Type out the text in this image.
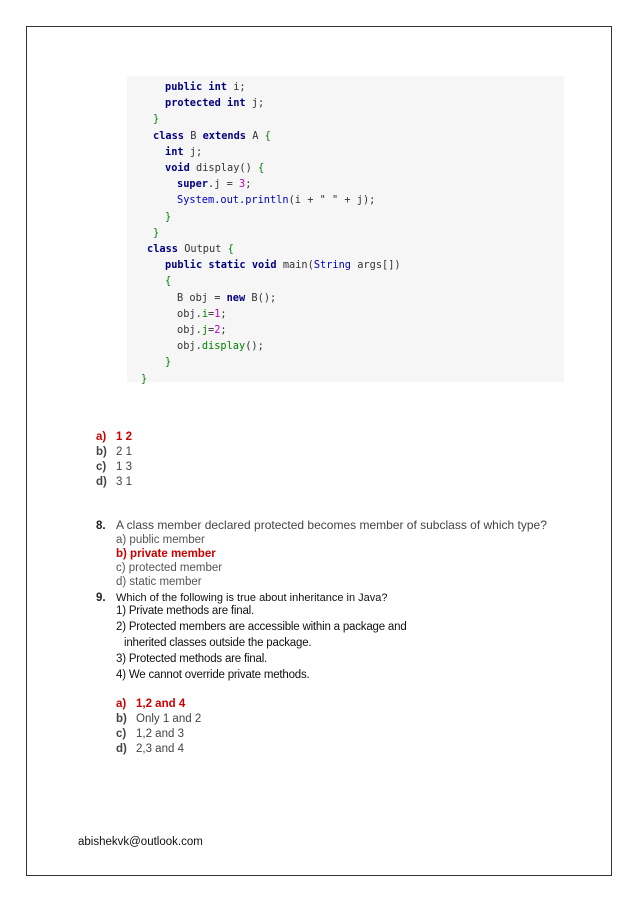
public int i;
protected int j;
}
class B extends A {
int j;
void display() {
super.j = 3;
System.out.println(i + " " + j);
}
}
class Output {
public static void main(String args[])
{
B obj = new B();
obj.i=1;
obj.j=2;
obj.display();
}
}
a) 1 2
b) 2 1
c) 1 3
d) 3 1
8. A class member declared protected becomes member of subclass of which type?
a) public member
b) private member
c) protected member
d) static member
9. Which of the following is true about inheritance in Java?
1) Private methods are final.
2) Protected members are accessible within a package and
inherited classes outside the package.
3) Protected methods are final.
4) We cannot override private methods.
a) 1,2 and 4
b) Only 1 and 2
c) 1,2 and 3
d) 2,3 and 4
abishekvk@outlook.com
